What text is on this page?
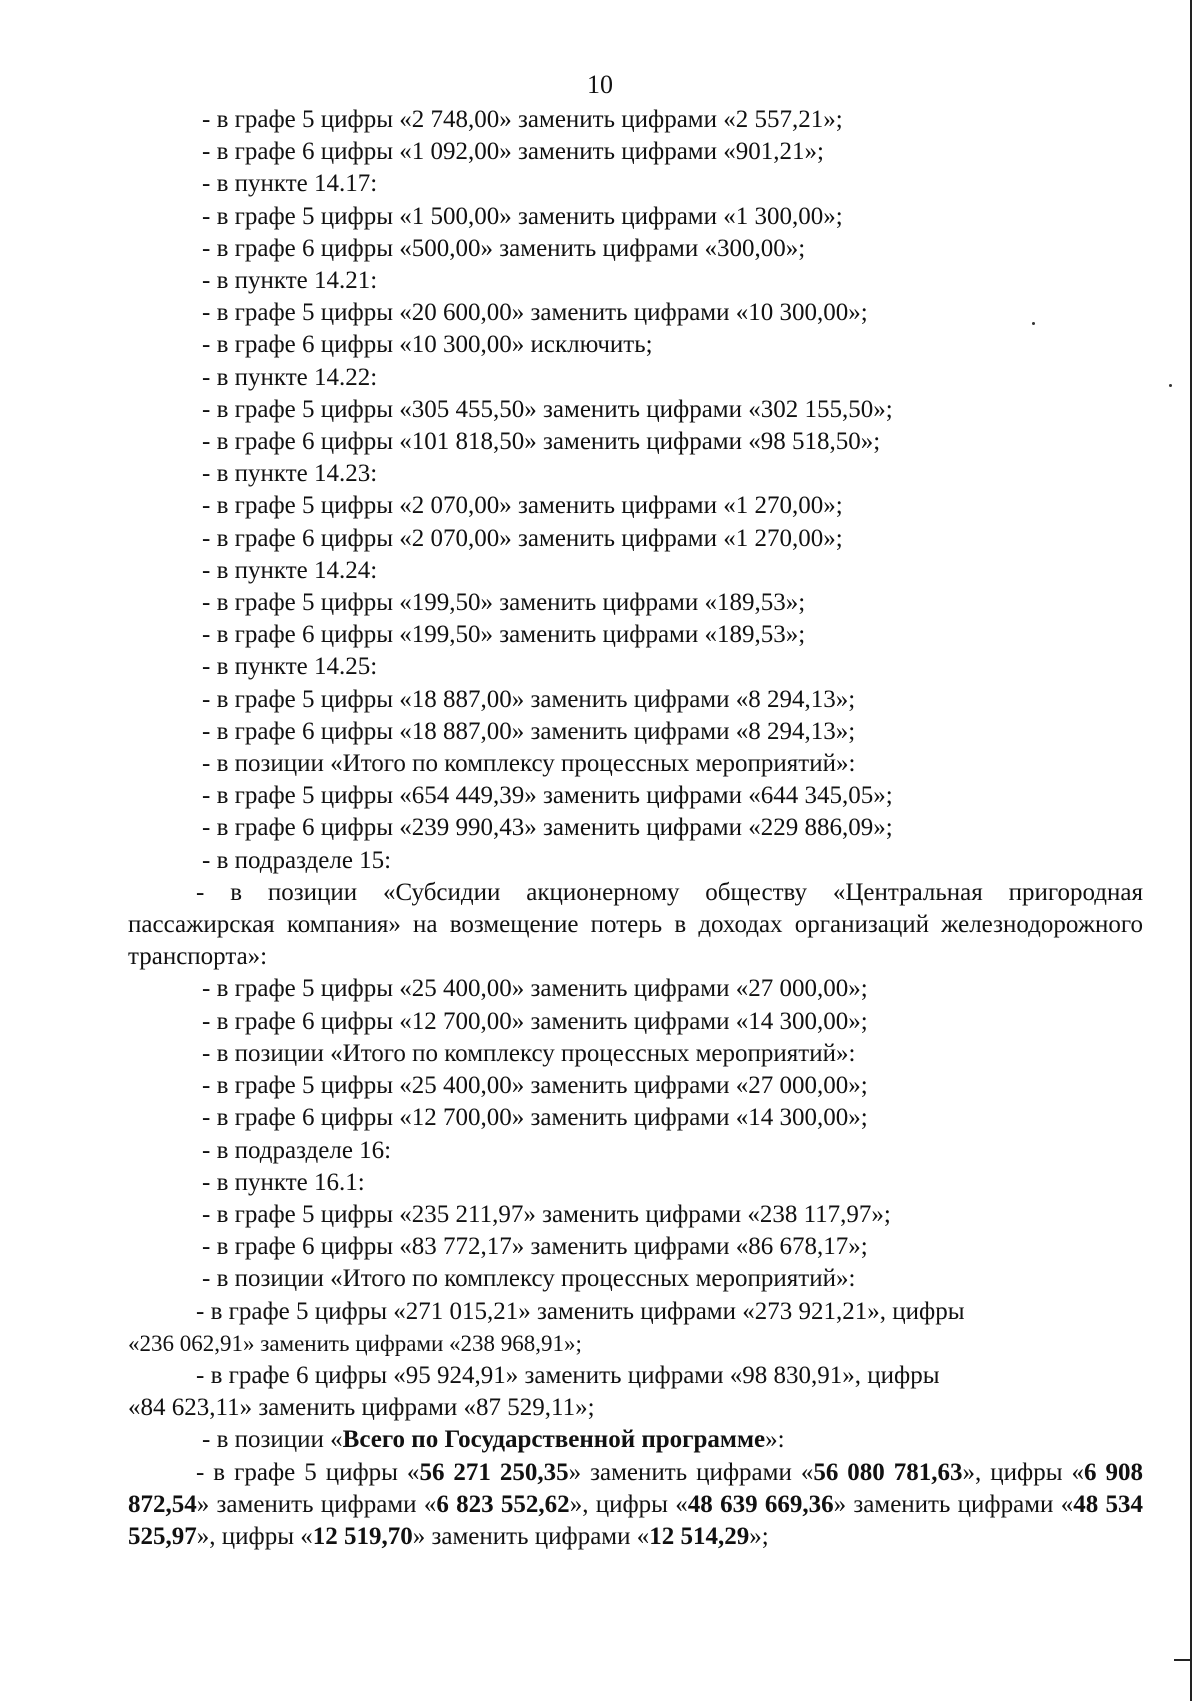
10
- в графе 5 цифры «2 748,00» заменить цифрами «2 557,21»;
- в графе 6 цифры «1 092,00» заменить цифрами «901,21»;
- в пункте 14.17:
- в графе 5 цифры «1 500,00» заменить цифрами «1 300,00»;
- в графе 6 цифры «500,00» заменить цифрами «300,00»;
- в пункте 14.21:
- в графе 5 цифры «20 600,00» заменить цифрами «10 300,00»;
- в графе 6 цифры «10 300,00» исключить;
- в пункте 14.22:
- в графе 5 цифры «305 455,50» заменить цифрами «302 155,50»;
- в графе 6 цифры «101 818,50» заменить цифрами «98 518,50»;
- в пункте 14.23:
- в графе 5 цифры «2 070,00» заменить цифрами «1 270,00»;
- в графе 6 цифры «2 070,00» заменить цифрами «1 270,00»;
- в пункте 14.24:
- в графе 5 цифры «199,50» заменить цифрами «189,53»;
- в графе 6 цифры «199,50» заменить цифрами «189,53»;
- в пункте 14.25:
- в графе 5 цифры «18 887,00» заменить цифрами «8 294,13»;
- в графе 6 цифры «18 887,00» заменить цифрами «8 294,13»;
- в позиции «Итого по комплексу процессных мероприятий»:
- в графе 5 цифры «654 449,39» заменить цифрами «644 345,05»;
- в графе 6 цифры «239 990,43» заменить цифрами «229 886,09»;
- в подразделе 15:

- в позиции «Субсидии акционерному обществу «Центральная пригородная пассажирская компания» на возмещение потерь в доходах организаций железнодорожного транспорта»:

- в графе 5 цифры «25 400,00» заменить цифрами «27 000,00»;
- в графе 6 цифры «12 700,00» заменить цифрами «14 300,00»;
- в позиции «Итого по комплексу процессных мероприятий»:
- в графе 5 цифры «25 400,00» заменить цифрами «27 000,00»;
- в графе 6 цифры «12 700,00» заменить цифрами «14 300,00»;
- в подразделе 16:
- в пункте 16.1:
- в графе 5 цифры «235 211,97» заменить цифрами «238 117,97»;
- в графе 6 цифры «83 772,17» заменить цифрами «86 678,17»;
- в позиции «Итого по комплексу процессных мероприятий»:

- в графе 5 цифры «271 015,21» заменить цифрами «273 921,21», цифры
«236 062,91» заменить цифрами «238 968,91»;

- в графе 6 цифры «95 924,91» заменить цифрами «98 830,91», цифры
«84 623,11» заменить цифрами «87 529,11»;

- в позиции «Всего по Государственной программе»:

- в графе 5 цифры «56 271 250,35» заменить цифрами «56 080 781,63», цифры «6 908 872,54» заменить цифрами «6 823 552,62», цифры «48 639 669,36» заменить цифрами «48 534 525,97», цифры «12 519,70» заменить цифрами «12 514,29»;
